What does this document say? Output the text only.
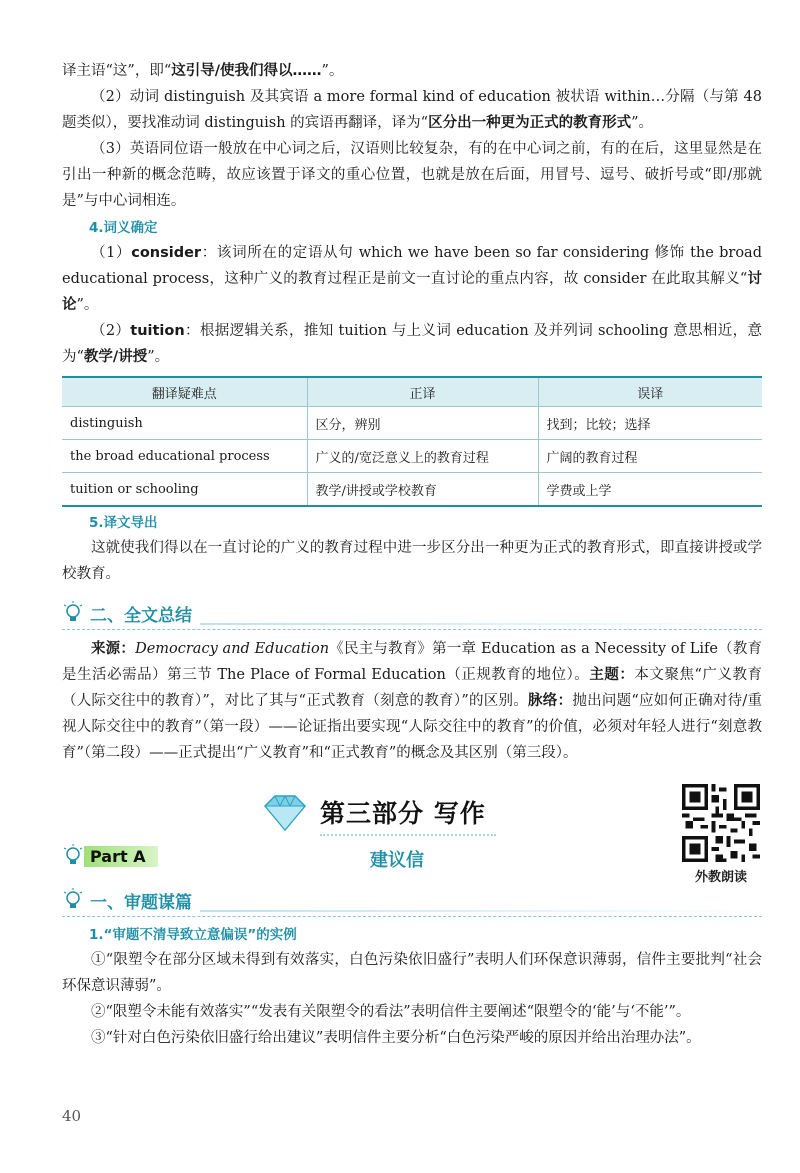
译主语“这”，即“这引导/使我们得以……”。

（2）动词 distinguish 及其宾语 a more formal kind of education 被状语 within…分隔（与第 48 题类似），要找准动词 distinguish 的宾语再翻译，译为“区分出一种更为正式的教育形式”。

（3）英语同位语一般放在中心词之后，汉语则比较复杂，有的在中心词之前，有的在后，这里显然是在引出一种新的概念范畴，故应该置于译文的重心位置，也就是放在后面，用冒号、逗号、破折号或“即/那就是”与中心词相连。

4.词义确定

（1）consider：该词所在的定语从句 which we have been so far considering 修饰 the broad educational process，这种广义的教育过程正是前文一直讨论的重点内容，故 consider 在此取其解义“讨论”。

（2）tuition：根据逻辑关系，推知 tuition 与上义词 education 及并列词 schooling 意思相近，意为“教学/讲授”。

翻译疑难点	正译	误译
distinguish	区分，辨别	找到；比较；选择
the broad educational process	广义的/宽泛意义上的教育过程	广阔的教育过程
tuition or schooling	教学/讲授或学校教育	学费或上学
5.译文导出

这就使我们得以在一直讨论的广义的教育过程中进一步区分出一种更为正式的教育形式，即直接讲授或学校教育。

二、全文总结

来源：Democracy and Education《民主与教育》第一章 Education as a Necessity of Life（教育是生活必需品）第三节 The Place of Formal Education（正规教育的地位）。主题：本文聚焦“广义教育（人际交往中的教育）”，对比了其与“正式教育（刻意的教育）”的区别。脉络：抛出问题“应如何正确对待/重视人际交往中的教育”（第一段）——论证指出要实现“人际交往中的教育”的价值，必须对年轻人进行“刻意教育”（第二段）——正式提出“广义教育”和“正式教育”的概念及其区别（第三段）。

第三部分 写作
外教朗读
Part A	建议信
一、审题谋篇
1.“审题不清导致立意偏误”的实例

①“限塑令在部分区域未得到有效落实，白色污染依旧盛行”表明人们环保意识薄弱，信件主要批判“社会环保意识薄弱”。

②“限塑令未能有效落实”“发表有关限塑令的看法”表明信件主要阐述“限塑令的‘能’与‘不能’”。

③“针对白色污染依旧盛行给出建议”表明信件主要分析“白色污染严峻的原因并给出治理办法”。

40
